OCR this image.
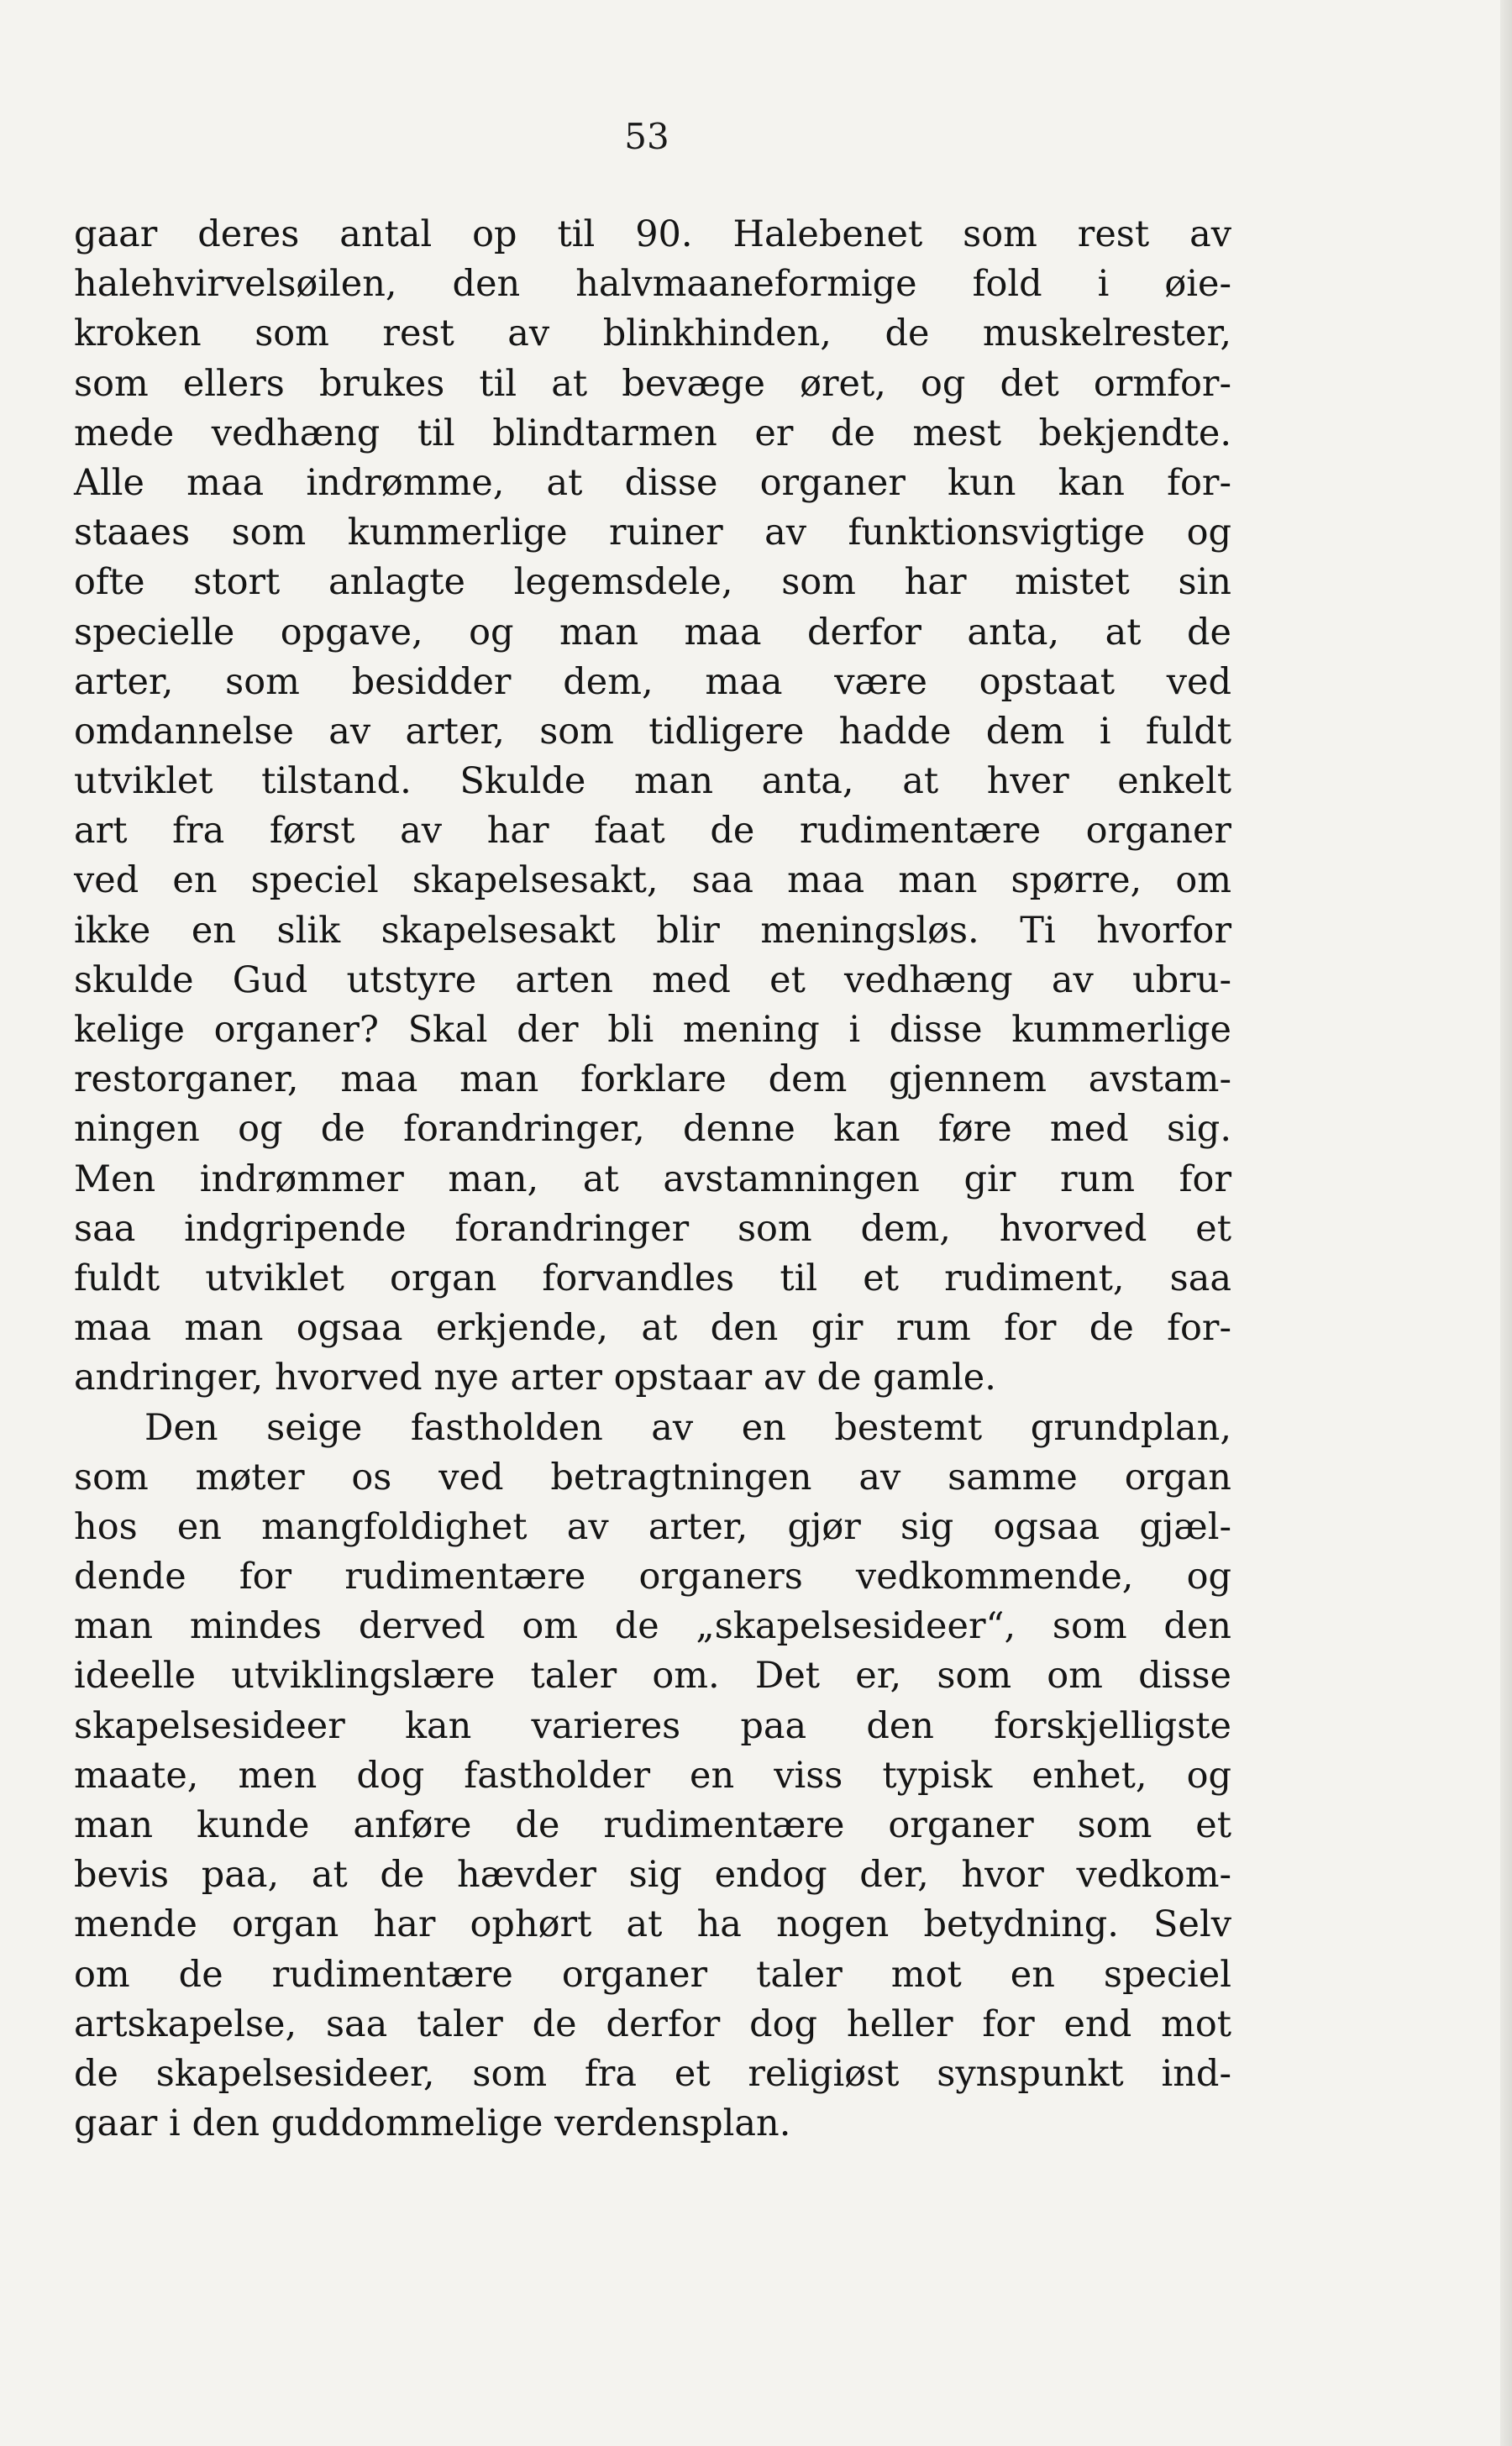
53
gaar deres antal op til 90. Halebenet som rest av
halehvirvelsøilen, den halvmaaneformige fold i øie-
kroken som rest av blinkhinden, de muskelrester,
som ellers brukes til at bevæge øret, og det ormfor-
mede vedhæng til blindtarmen er de mest bekjendte.
Alle maa indrømme, at disse organer kun kan for-
staaes som kummerlige ruiner av funktionsvigtige og
ofte stort anlagte legemsdele, som har mistet sin
specielle opgave, og man maa derfor anta, at de
arter, som besidder dem, maa være opstaat ved
omdannelse av arter, som tidligere hadde dem i fuldt
utviklet tilstand. Skulde man anta, at hver enkelt
art fra først av har faat de rudimentære organer
ved en speciel skapelsesakt, saa maa man spørre, om
ikke en slik skapelsesakt blir meningsløs. Ti hvorfor
skulde Gud utstyre arten med et vedhæng av ubru-
kelige organer? Skal der bli mening i disse kummerlige
restorganer, maa man forklare dem gjennem avstam-
ningen og de forandringer, denne kan føre med sig.
Men indrømmer man, at avstamningen gir rum for
saa indgripende forandringer som dem, hvorved et
fuldt utviklet organ forvandles til et rudiment, saa
maa man ogsaa erkjende, at den gir rum for de for-
andringer, hvorved nye arter opstaar av de gamle.
Den seige fastholden av en bestemt grundplan,
som møter os ved betragtningen av samme organ
hos en mangfoldighet av arter, gjør sig ogsaa gjæl-
dende for rudimentære organers vedkommende, og
man mindes derved om de „skapelsesideer“, som den
ideelle utviklingslære taler om. Det er, som om disse
skapelsesideer kan varieres paa den forskjelligste
maate, men dog fastholder en viss typisk enhet, og
man kunde anføre de rudimentære organer som et
bevis paa, at de hævder sig endog der, hvor vedkom-
mende organ har ophørt at ha nogen betydning. Selv
om de rudimentære organer taler mot en speciel
artskapelse, saa taler de derfor dog heller for end mot
de skapelsesideer, som fra et religiøst synspunkt ind-
gaar i den guddommelige verdensplan.
